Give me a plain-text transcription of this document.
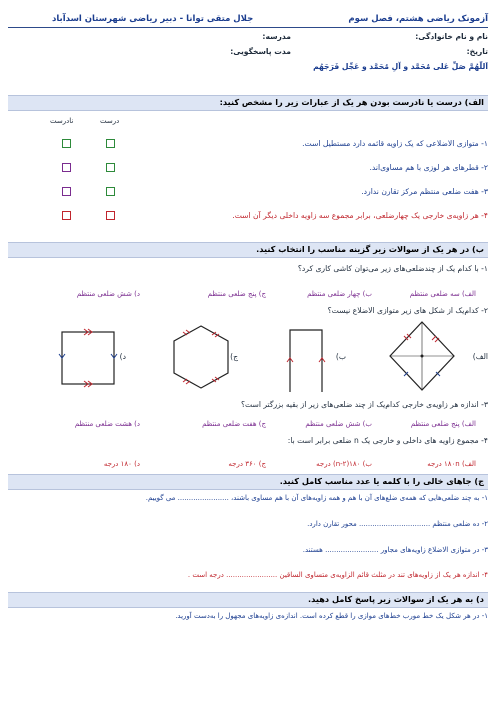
آزمونک ریاضی هشتم، فصل سوم
جلال متقی توانا - دبیر ریاضی شهرستان اسدآباد
نام و نام خانوادگی:
مدرسه:
تاریخ:
مدت پاسخگویی:
اَللّهُمَّ صَلِّ عَلی مُحَمَّد و آلِ مُحَمَّد و عَجِّل فَرَجَهُم
الف) درست یا نادرست بودن هر یک از عبارات زیر را مشخص کنید:
درست
نادرست
۱- متوازی الاضلاعی که یک زاویه قائمه دارد مستطیل است.
۲- قطرهای هر لوزی با هم مساوی‌اند.
۳- هفت ضلعی منتظم مرکز تقارن ندارد.
۴- هر زاویه‌ی خارجی یک چهارضلعی، برابر مجموع سه زاویه داخلی دیگر آن است.
ب) در هر یک از سوالات زیر گزینه مناسب را انتخاب کنید.
۱- با کدام یک از چندضلعی‌های زیر می‌توان کاشی کاری کرد؟
الف) سه ضلعی منتظم
ب) چهار ضلعی منتظم
ج) پنج ضلعی منتظم
د) شش ضلعی منتظم
۲- کدام‌یک از شکل های زیر متوازی الاضلاع نیست؟
الف)
ب)
ج)
د)
۳- اندازه هر زاویه‌ی خارجی کدام‌یک از چند ضلعی‌های زیر از بقیه بزرگتر است؟
الف) پنج ضلعی منتظم
ب) شش ضلعی منتظم
ج) هفت ضلعی منتظم
د) هشت ضلعی منتظم
۴- مجموع زاویه‌ های داخلی و خارجی یک n ضلعی برابر است با:
الف) ۱۸۰n درجه
ب) ۱۸۰(n-۲) درجه
ج) ۳۶۰ درجه
د) ۱۸۰ درجه
ج) جاهای خالی را با کلمه یا عدد مناسب کامل کنید.
۱- به چند ضلعی‌هایی که همه‌ی ضلع‌های آن با هم و همه زاویه‌های آن با هم مساوی باشند، ....................... می گوییم.
۲- ده ضلعی منتظم ................................ محور تقارن دارد.
۳- در متوازی الاضلاع زاویه‌های مجاور ........................ هستند.
۴- اندازه هر یک از زاویه‌های تند در مثلث قائم الزاویه‌ی متساوی الساقین ....................... درجه است .
د) به هر یک از سوالات زیر پاسخ کامل دهید.
۱- در هر شکل یک خط مورب خط‌های موازی را قطع کرده است. اندازه‌ی زاویه‌های مجهول را به‌دست آورید.
